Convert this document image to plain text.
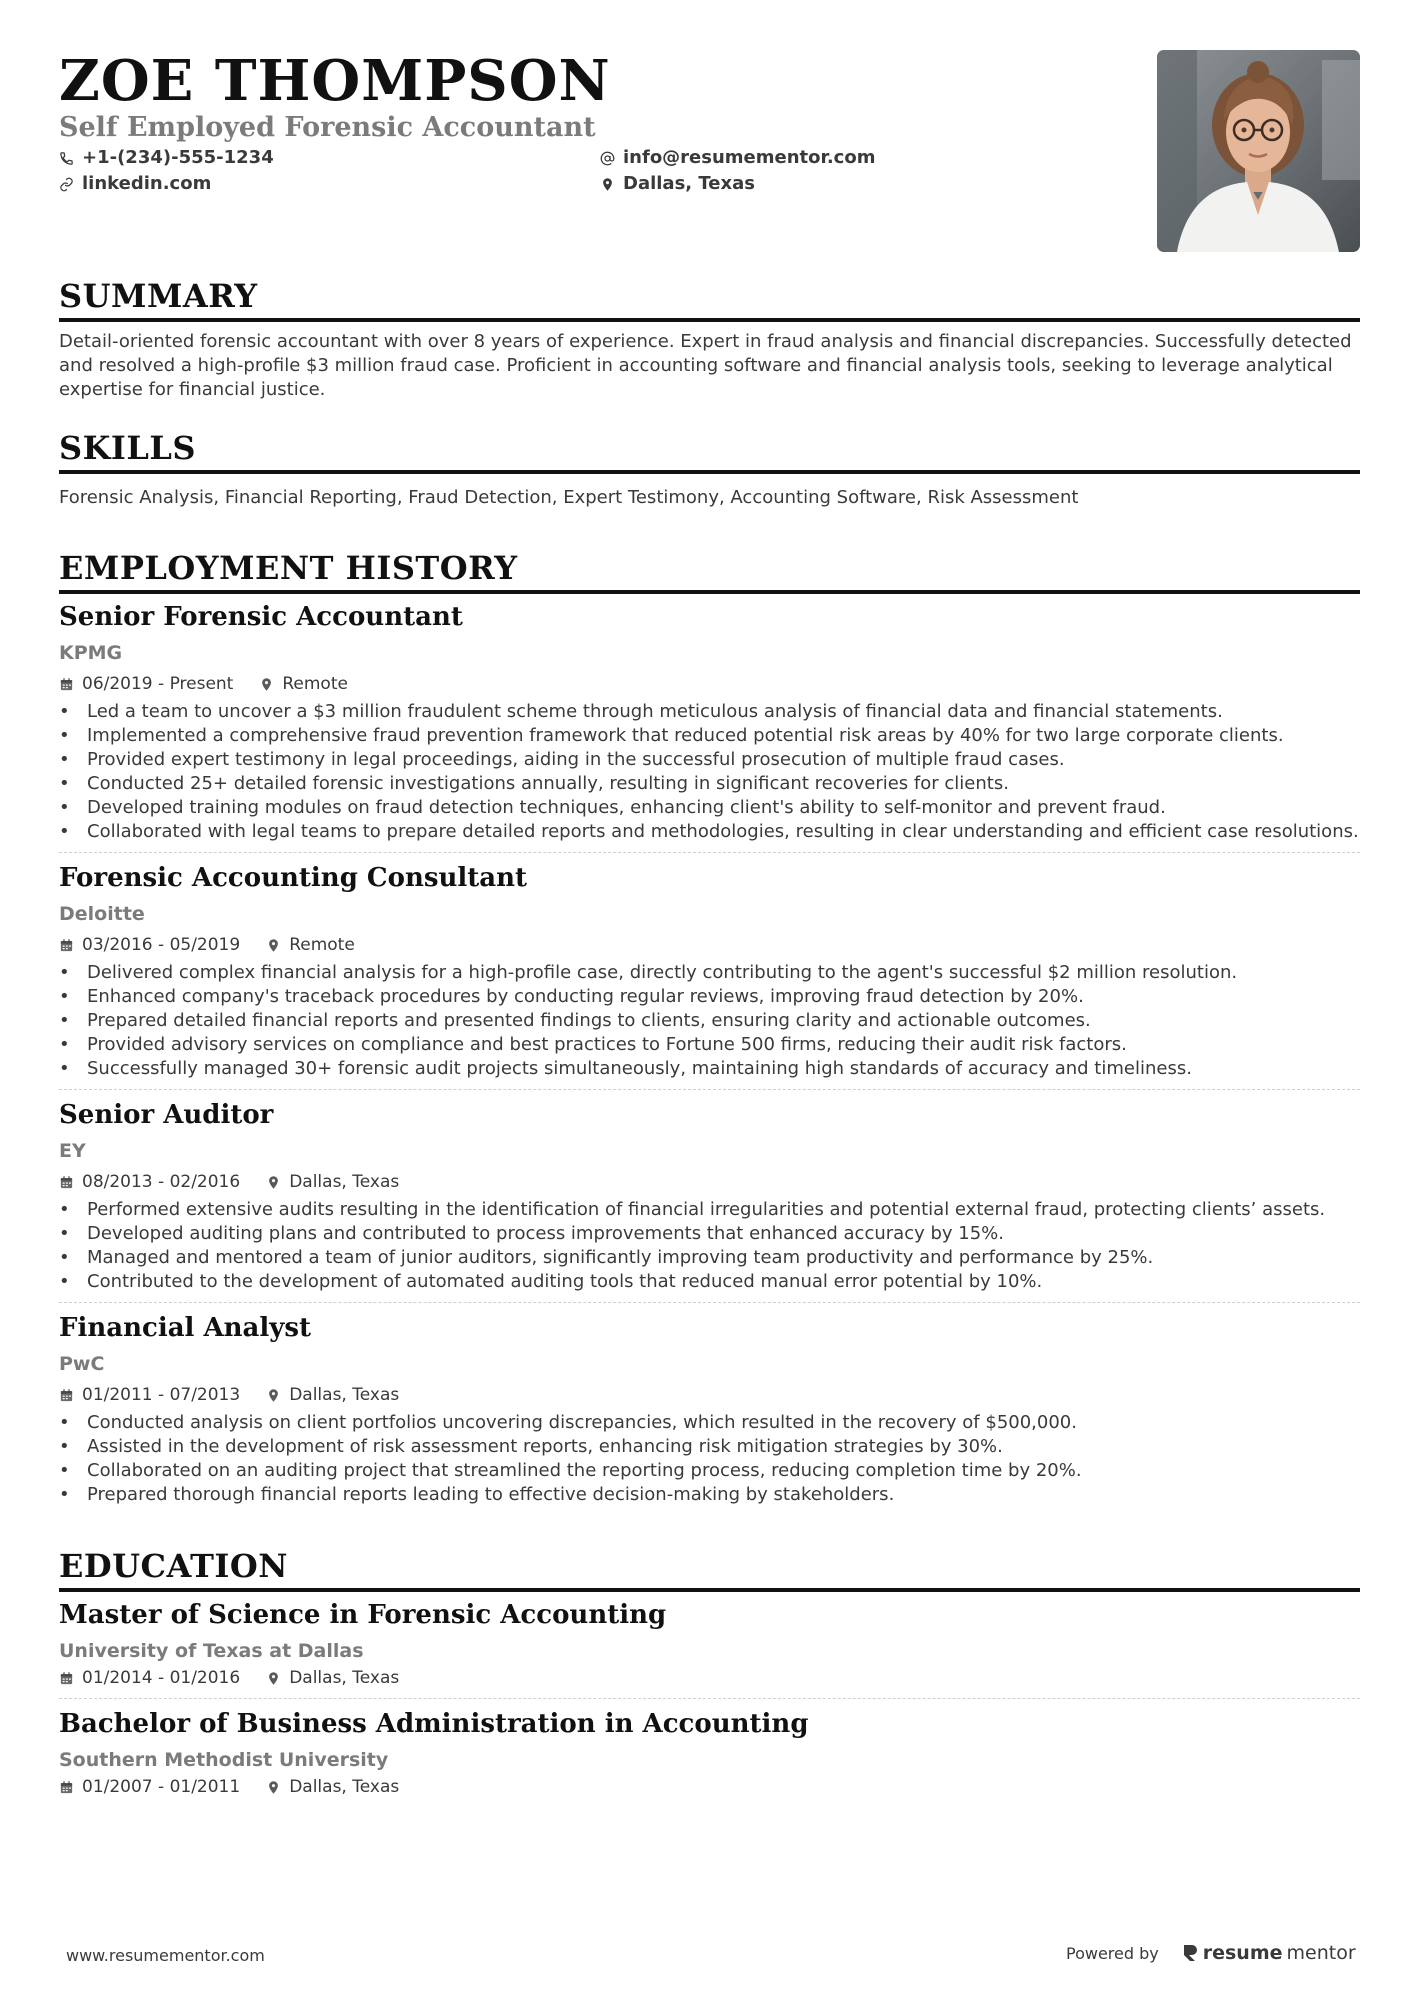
ZOE THOMPSON
Self Employed Forensic Accountant
+1-(234)-555-1234	info@resumementor.com
linkedin.com	Dallas, Texas
SUMMARY

Detail-oriented forensic accountant with over 8 years of experience. Expert in fraud analysis and financial discrepancies. Successfully detected and resolved a high-profile $3 million fraud case. Proficient in accounting software and financial analysis tools, seeking to leverage analytical expertise for financial justice.

SKILLS

Forensic Analysis, Financial Reporting, Fraud Detection, Expert Testimony, Accounting Software, Risk Assessment

EMPLOYMENT HISTORY
Senior Forensic Accountant
KPMG
06/2019 - Present	Remote
• Led a team to uncover a $3 million fraudulent scheme through meticulous analysis of financial data and financial statements.
• Implemented a comprehensive fraud prevention framework that reduced potential risk areas by 40% for two large corporate clients.
• Provided expert testimony in legal proceedings, aiding in the successful prosecution of multiple fraud cases.
• Conducted 25+ detailed forensic investigations annually, resulting in significant recoveries for clients.
• Developed training modules on fraud detection techniques, enhancing client's ability to self-monitor and prevent fraud.
• Collaborated with legal teams to prepare detailed reports and methodologies, resulting in clear understanding and efficient case resolutions.
Forensic Accounting Consultant
Deloitte
03/2016 - 05/2019	Remote
• Delivered complex financial analysis for a high-profile case, directly contributing to the agent's successful $2 million resolution.
• Enhanced company's traceback procedures by conducting regular reviews, improving fraud detection by 20%.
• Prepared detailed financial reports and presented findings to clients, ensuring clarity and actionable outcomes.
• Provided advisory services on compliance and best practices to Fortune 500 firms, reducing their audit risk factors.
• Successfully managed 30+ forensic audit projects simultaneously, maintaining high standards of accuracy and timeliness.
Senior Auditor
EY
08/2013 - 02/2016	Dallas, Texas
• Performed extensive audits resulting in the identification of financial irregularities and potential external fraud, protecting clients’ assets.
• Developed auditing plans and contributed to process improvements that enhanced accuracy by 15%.
• Managed and mentored a team of junior auditors, significantly improving team productivity and performance by 25%.
• Contributed to the development of automated auditing tools that reduced manual error potential by 10%.
Financial Analyst
PwC
01/2011 - 07/2013	Dallas, Texas
• Conducted analysis on client portfolios uncovering discrepancies, which resulted in the recovery of $500,000.
• Assisted in the development of risk assessment reports, enhancing risk mitigation strategies by 30%.
• Collaborated on an auditing project that streamlined the reporting process, reducing completion time by 20%.
• Prepared thorough financial reports leading to effective decision-making by stakeholders.
EDUCATION
Master of Science in Forensic Accounting
University of Texas at Dallas
01/2014 - 01/2016	Dallas, Texas
Bachelor of Business Administration in Accounting
Southern Methodist University
01/2007 - 01/2011	Dallas, Texas
www.resumementor.com	Powered by resume mentor
